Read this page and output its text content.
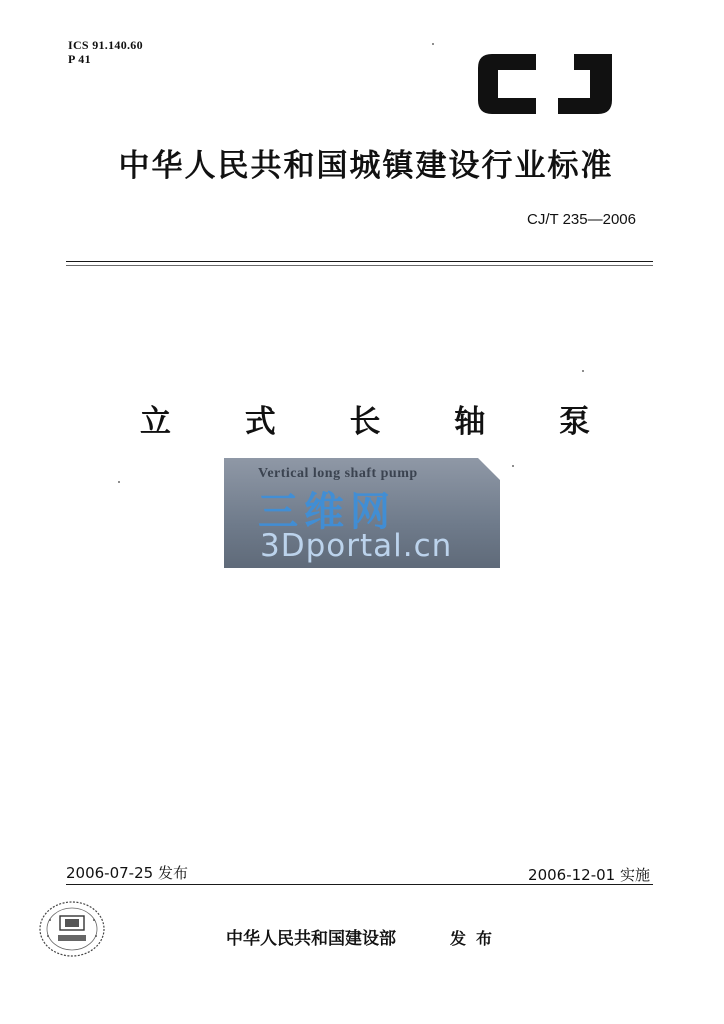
ICS 91.140.60
P 41
中华人民共和国城镇建设行业标准
CJ/T 235—2006
立 式 长 轴 泵
三维网
3Dportal.cn
Vertical long shaft pump
2006-07-25 发布	2006-12-01 实施
中华人民共和国建设部	发布
